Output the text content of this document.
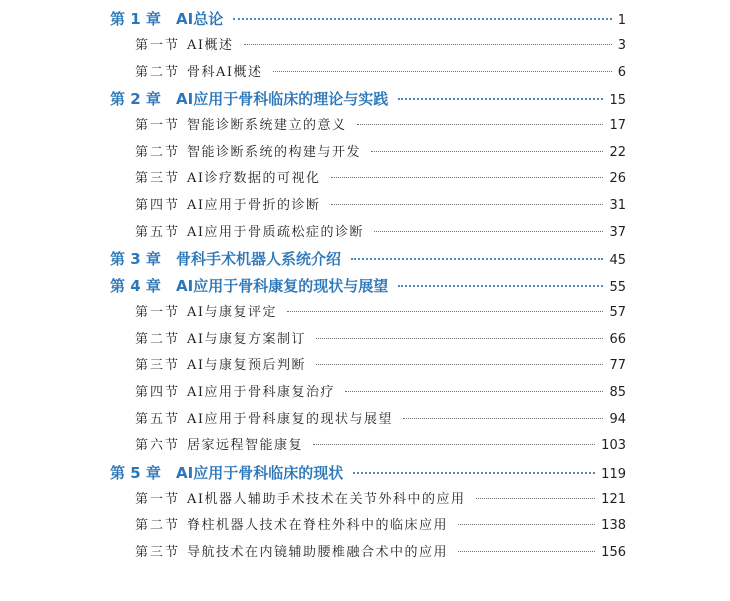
第 1 章	AI总论	1
第一节 AI概述	3
第二节 骨科AI概述	6
第 2 章	AI应用于骨科临床的理论与实践	15
第一节 智能诊断系统建立的意义	17
第二节 智能诊断系统的构建与开发	22
第三节 AI诊疗数据的可视化	26
第四节 AI应用于骨折的诊断	31
第五节 AI应用于骨质疏松症的诊断	37
第 3 章	骨科手术机器人系统介绍	45
第 4 章	AI应用于骨科康复的现状与展望	55
第一节 AI与康复评定	57
第二节 AI与康复方案制订	66
第三节 AI与康复预后判断	77
第四节 AI应用于骨科康复治疗	85
第五节 AI应用于骨科康复的现状与展望	94
第六节 居家远程智能康复	103
第 5 章	AI应用于骨科临床的现状	119
第一节 AI机器人辅助手术技术在关节外科中的应用	121
第二节 脊柱机器人技术在脊柱外科中的临床应用	138
第三节 导航技术在内镜辅助腰椎融合术中的应用	156
